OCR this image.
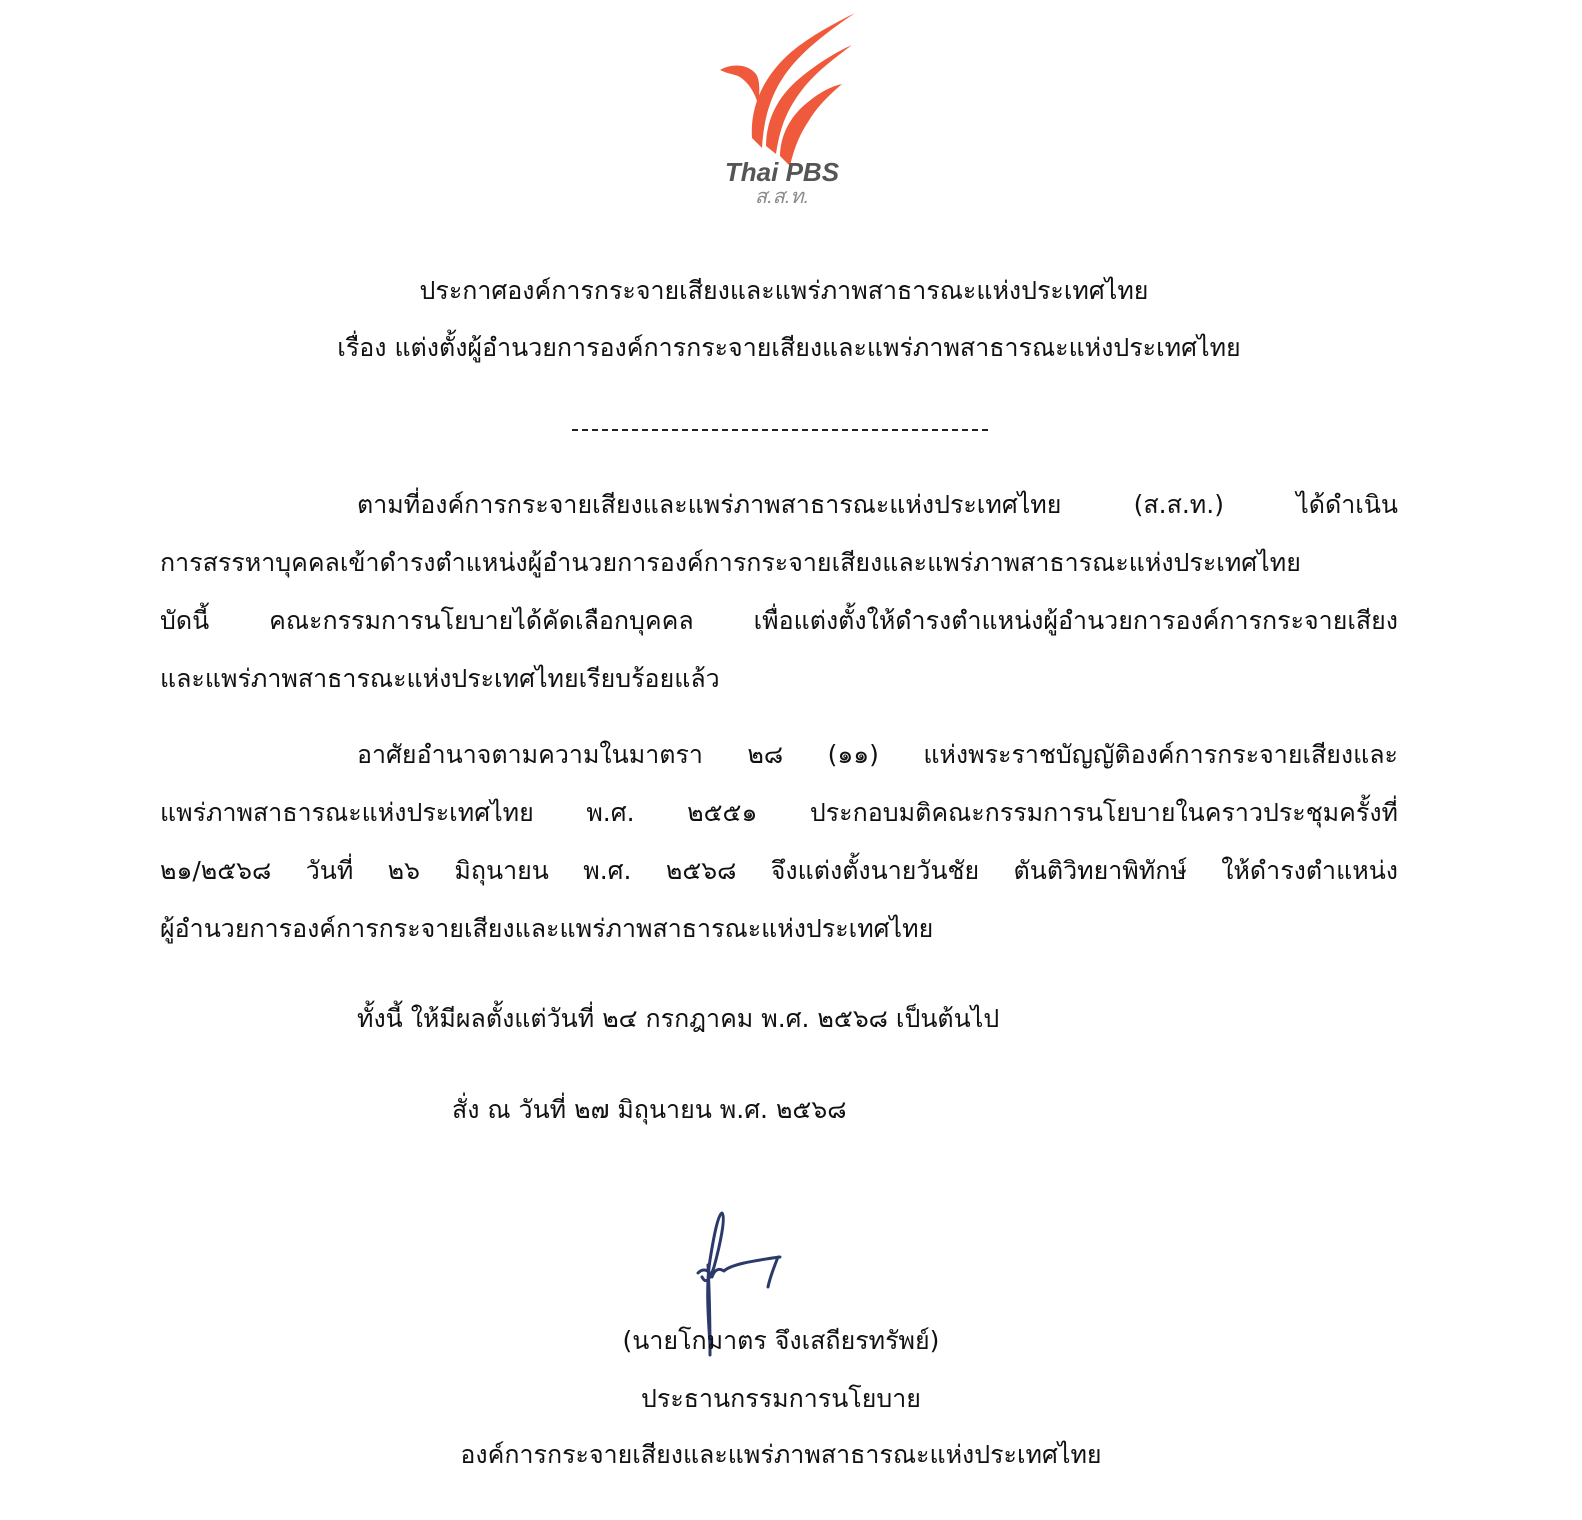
Thai PBS
ส.ส.ท.
ประกาศองค์การกระจายเสียงและแพร่ภาพสาธารณะแห่งประเทศไทย
เรื่อง แต่งตั้งผู้อำนวยการองค์การกระจายเสียงและแพร่ภาพสาธารณะแห่งประเทศไทย
ตามที่องค์การกระจายเสียงและแพร่ภาพสาธารณะแห่งประเทศไทย (ส.ส.ท.) ได้ดำเนิน
การสรรหาบุคคลเข้าดำรงตำแหน่งผู้อำนวยการองค์การกระจายเสียงและแพร่ภาพสาธารณะแห่งประเทศไทย
บัดนี้ คณะกรรมการนโยบายได้คัดเลือกบุคคล เพื่อแต่งตั้งให้ดำรงตำแหน่งผู้อำนวยการองค์การกระจายเสียง
และแพร่ภาพสาธารณะแห่งประเทศไทยเรียบร้อยแล้ว
อาศัยอำนาจตามความในมาตรา ๒๘ (๑๑) แห่งพระราชบัญญัติองค์การกระจายเสียงและ
แพร่ภาพสาธารณะแห่งประเทศไทย พ.ศ. ๒๕๕๑ ประกอบมติคณะกรรมการนโยบายในคราวประชุมครั้งที่
๒๑/๒๕๖๘ วันที่ ๒๖ มิถุนายน พ.ศ. ๒๕๖๘ จึงแต่งตั้งนายวันชัย ตันติวิทยาพิทักษ์ ให้ดำรงตำแหน่ง
ผู้อำนวยการองค์การกระจายเสียงและแพร่ภาพสาธารณะแห่งประเทศไทย
ทั้งนี้ ให้มีผลตั้งแต่วันที่ ๒๔ กรกฎาคม พ.ศ. ๒๕๖๘ เป็นต้นไป
สั่ง ณ วันที่ ๒๗ มิถุนายน พ.ศ. ๒๕๖๘
(นายโกมาตร จึงเสถียรทรัพย์)
ประธานกรรมการนโยบาย
องค์การกระจายเสียงและแพร่ภาพสาธารณะแห่งประเทศไทย
